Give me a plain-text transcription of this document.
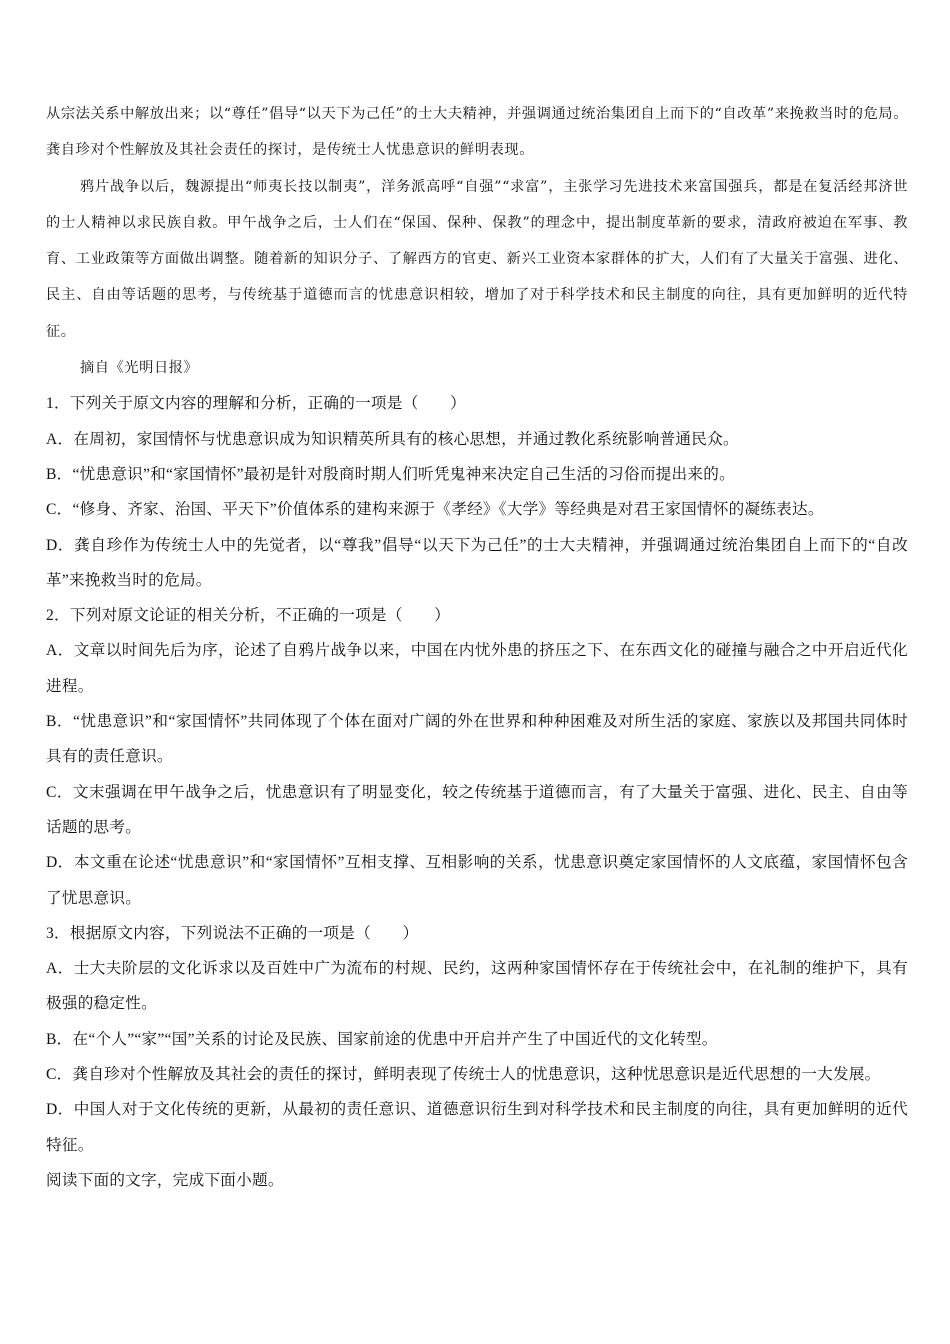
从宗法关系中解放出来；以“尊任”倡导“以天下为己任”的士大夫精神，并强调通过统治集团自上而下的“自改革”来挽救当时的危局。龚自珍对个性解放及其社会责任的探讨，是传统士人忧患意识的鲜明表现。

鸦片战争以后，魏源提出“师夷长技以制夷”，洋务派高呼“自强”“求富”，主张学习先进技术来富国强兵，都是在复活经邦济世的士人精神以求民族自救。甲午战争之后，士人们在“保国、保种、保教”的理念中，提出制度革新的要求，清政府被迫在军事、教育、工业政策等方面做出调整。随着新的知识分子、了解西方的官吏、新兴工业资本家群体的扩大，人们有了大量关于富强、进化、民主、自由等话题的思考，与传统基于道德而言的忧患意识相较，增加了对于科学技术和民主制度的向往，具有更加鲜明的近代特征。

摘自《光明日报》

1．下列关于原文内容的理解和分析，正确的一项是（　　）

A．在周初，家国情怀与忧患意识成为知识精英所具有的核心思想，并通过教化系统影响普通民众。

B．“忧患意识”和“家国情怀”最初是针对殷商时期人们听凭鬼神来决定自己生活的习俗而提出来的。

C．“修身、齐家、治国、平天下”价值体系的建构来源于《孝经》《大学》等经典是对君王家国情怀的凝练表达。

D．龚自珍作为传统士人中的先觉者，以“尊我”倡导“以天下为己任”的士大夫精神，并强调通过统治集团自上而下的“自改革”来挽救当时的危局。

2．下列对原文论证的相关分析，不正确的一项是（　　）

A．文章以时间先后为序，论述了自鸦片战争以来，中国在内忧外患的挤压之下、在东西文化的碰撞与融合之中开启近代化进程。

B．“忧患意识”和“家国情怀”共同体现了个体在面对广阔的外在世界和种种困难及对所生活的家庭、家族以及邦国共同体时具有的责任意识。

C．文末强调在甲午战争之后，忧患意识有了明显变化，较之传统基于道德而言，有了大量关于富强、进化、民主、自由等话题的思考。

D．本文重在论述“忧患意识”和“家国情怀”互相支撑、互相影响的关系，忧患意识奠定家国情怀的人文底蕴，家国情怀包含了忧思意识。

3．根据原文内容，下列说法不正确的一项是（　　）

A．士大夫阶层的文化诉求以及百姓中广为流布的村规、民约，这两种家国情怀存在于传统社会中，在礼制的维护下，具有极强的稳定性。

B．在“个人”“家”“国”关系的讨论及民族、国家前途的优患中开启并产生了中国近代的文化转型。

C．龚自珍对个性解放及其社会的责任的探讨，鲜明表现了传统士人的忧患意识，这种忧思意识是近代思想的一大发展。

D．中国人对于文化传统的更新，从最初的责任意识、道德意识衍生到对科学技术和民主制度的向往，具有更加鲜明的近代特征。

阅读下面的文字，完成下面小题。
